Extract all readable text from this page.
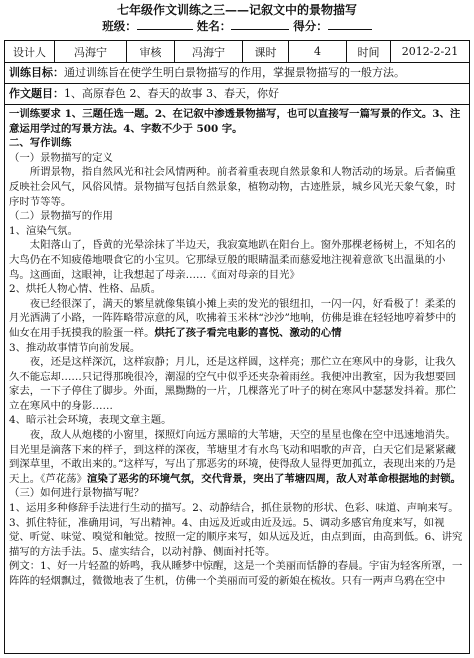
七年级作文训练之三——记叙文中的景物描写
班级：	姓名：	得分：
设计人	冯海宁	审核	冯海宁	课时	4	时间	2012-2-21
训练目标：通过训练旨在使学生明白景物描写的作用，掌握景物描写的一般方法。
作文题目：1、高原春色 2、春天的故事 3、春天，你好

一训练要求 1、三题任选一题。2、在记叙中渗透景物描写，也可以直接写一篇写景的作文。3、注意运用学过的写景方法。4、字数不少于 500 字。

二、写作训练

（一）景物描写的定义

所谓景物，指自然风光和社会风情两种。前者着重表现自然景象和人物活动的场景。后者偏重反映社会风气，风俗风情。景物描写包括自然景象，植物动物，古迹胜景，城乡风光天象气象，时序时节等等。

（二）景物描写的作用

1、渲染气氛。

太阳落山了，昏黄的光晕涂抹了半边天，我寂寞地趴在阳台上。窗外那棵老杨树上，不知名的大鸟仍在不知疲倦地喂食它的小宝贝。它那绿豆般的眼睛温柔而慈爱地注视着意欲飞出温巢的小鸟。这画面，这眼神，让我想起了母亲……《面对母亲的目光》

2、烘托人物心情、性格、品质。

夜已经很深了，满天的繁星就像集镇小摊上卖的发光的银纽扣，一闪一闪，好看极了！柔柔的月光洒满了小路，一阵阵略带凉意的风，吹拂着玉米林“沙沙”地响，仿佛是谁在轻轻地哼着梦中的仙女在用手抚摸我的脸蛋一样。烘托了孩子看完电影的喜悦、激动的心情

3、推动故事情节向前发展。

夜，还是这样深沉，这样寂静；月儿，还是这样圆，这样亮；那伫立在寒风中的身影，让我久久不能忘却……只记得那晚很冷，潮湿的空气中似乎还夹杂着雨丝。我便冲出教室，因为我想要回家去，一下子停住了脚步。外面，黑黝黝的一片，几棵落光了叶子的树在寒风中瑟瑟发抖着。那伫立在寒风中的身影……

4、暗示社会环境，表现文章主题。

夜，敌人从炮楼的小窗里，探照灯向远方黑暗的大苇塘，天空的星星也像在空中迅速地消失。目光里是滴落下来的样子，到这样的深夜，苇塘里才有水鸟飞动和唱歌的声音，白天它们是紧紧藏到深草里，不敢出来的。”这样写，写出了那恶劣的环境，使得敌人显得更加孤立，表现出来的乃是天上。《芦花荡》渲染了恶劣的环境气氛，交代背景，突出了苇塘四周，敌人对革命根据地的封锁。

（三）如何进行景物描写呢？

1、运用多种修辞手法进行生动的描写。2、动静结合，抓住景物的形状、色彩、味道、声响来写。3、抓住特征，准确用词，写出精神。4、由远及近或由近及远。5、调动多感官角度来写，如视觉、听觉、味觉、嗅觉和触觉。按照一定的顺序来写，如从远及近，由点到面，由高到低。6、讲究描写的方法手法。5、虚实结合，以动衬静、侧面衬托等。

例文：1、好一片轻盈的娇鸣，我从睡梦中惊醒，这是一个美丽而恬静的春晨。宇宙为轻客所罩，一阵阵的轻烟飘过，微微地表了生机，仿佛一个美丽而可爱的新娘在梳妆。只有一两声乌鸦在空中
